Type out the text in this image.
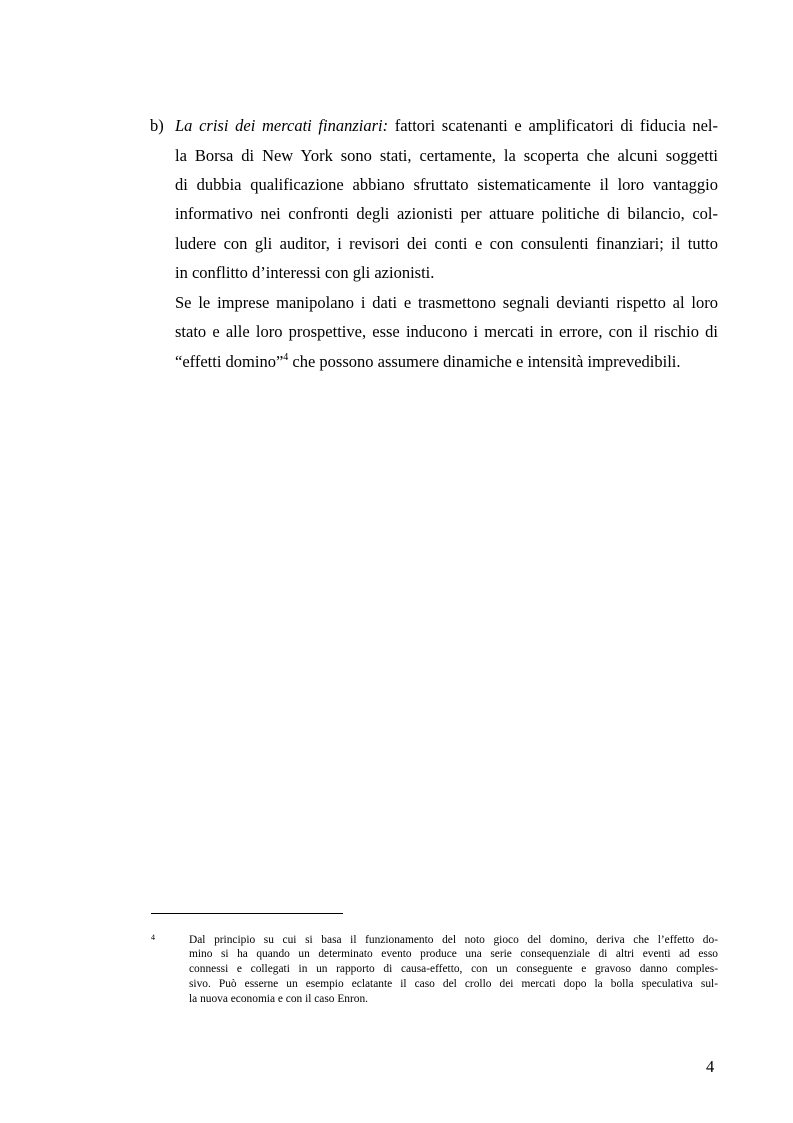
b) La crisi dei mercati finanziari: fattori scatenanti e amplificatori di fiducia nel-
la Borsa di New York sono stati, certamente, la scoperta che alcuni soggetti
di dubbia qualificazione abbiano sfruttato sistematicamente il loro vantaggio
informativo nei confronti degli azionisti per attuare politiche di bilancio, col-
ludere con gli auditor, i revisori dei conti e con consulenti finanziari; il tutto
in conflitto d’interessi con gli azionisti.
Se le imprese manipolano i dati e trasmettono segnali devianti rispetto al loro
stato e alle loro prospettive, esse inducono i mercati in errore, con il rischio di
“effetti domino”$^4$ che possono assumere dinamiche e intensità imprevedibili.
4	Dal principio su cui si basa il funzionamento del noto gioco del domino, deriva che l’effetto do-
mino si ha quando un determinato evento produce una serie consequenziale di altri eventi ad esso
connessi e collegati in un rapporto di causa-effetto, con un conseguente e gravoso danno comples-
sivo. Può esserne un esempio eclatante il caso del crollo dei mercati dopo la bolla speculativa sul-
la nuova economia e con il caso Enron.
4
